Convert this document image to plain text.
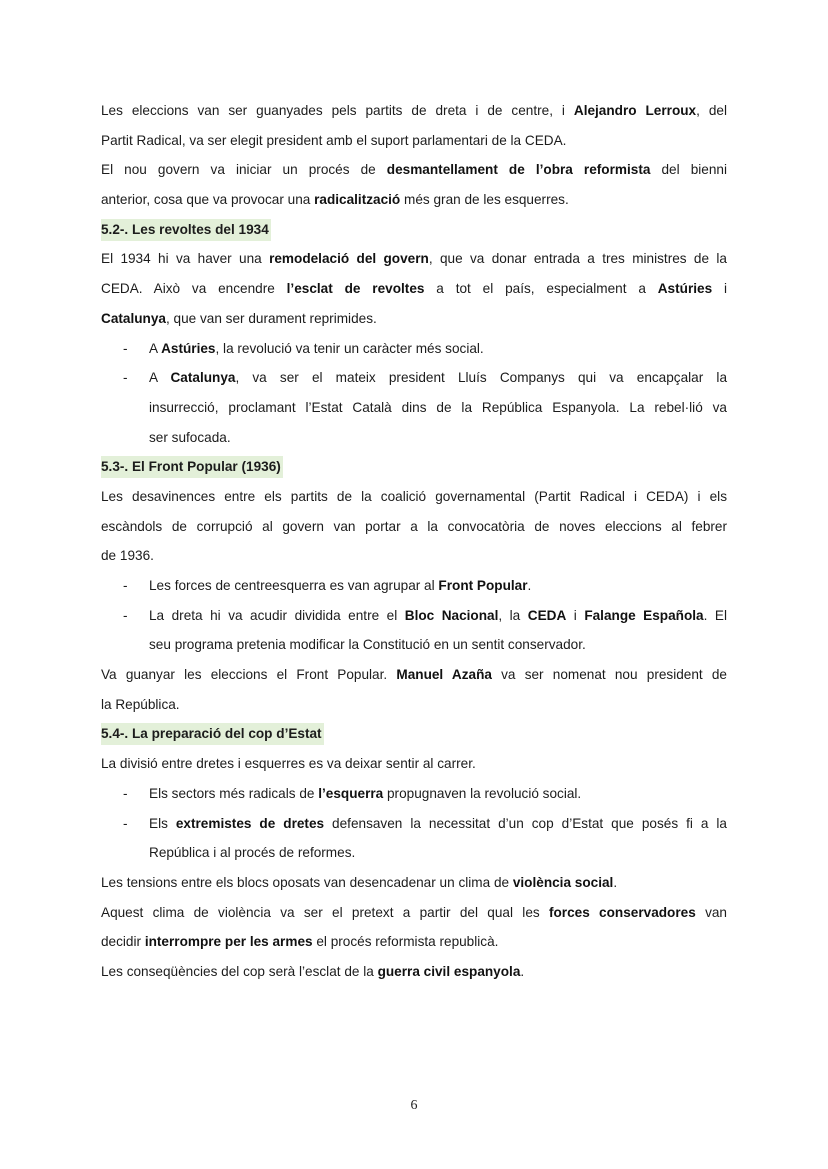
Les eleccions van ser guanyades pels partits de dreta i de centre, i Alejandro Lerroux, del
Partit Radical, va ser elegit president amb el suport parlamentari de la CEDA.
El nou govern va iniciar un procés de desmantellament de l’obra reformista del bienni
anterior, cosa que va provocar una radicalització més gran de les esquerres.
5.2-. Les revoltes del 1934
El 1934 hi va haver una remodelació del govern, que va donar entrada a tres ministres de la
CEDA. Això va encendre l’esclat de revoltes a tot el país, especialment a Astúries i
Catalunya, que van ser durament reprimides.
- A Astúries, la revolució va tenir un caràcter més social.
- A Catalunya, va ser el mateix president Lluís Companys qui va encapçalar la
insurrecció, proclamant l’Estat Català dins de la República Espanyola. La rebel·lió va
ser sufocada.
5.3-. El Front Popular (1936)
Les desavinences entre els partits de la coalició governamental (Partit Radical i CEDA) i els
escàndols de corrupció al govern van portar a la convocatòria de noves eleccions al febrer
de 1936.
- Les forces de centreesquerra es van agrupar al Front Popular.
- La dreta hi va acudir dividida entre el Bloc Nacional, la CEDA i Falange Española. El
seu programa pretenia modificar la Constitució en un sentit conservador.
Va guanyar les eleccions el Front Popular. Manuel Azaña va ser nomenat nou president de
la República.
5.4-. La preparació del cop d’Estat
La divisió entre dretes i esquerres es va deixar sentir al carrer.
- Els sectors més radicals de l’esquerra propugnaven la revolució social.
- Els extremistes de dretes defensaven la necessitat d’un cop d’Estat que posés fi a la
República i al procés de reformes.
Les tensions entre els blocs oposats van desencadenar un clima de violència social.
Aquest clima de violència va ser el pretext a partir del qual les forces conservadores van
decidir interrompre per les armes el procés reformista republicà.
Les conseqüències del cop serà l’esclat de la guerra civil espanyola.
6
